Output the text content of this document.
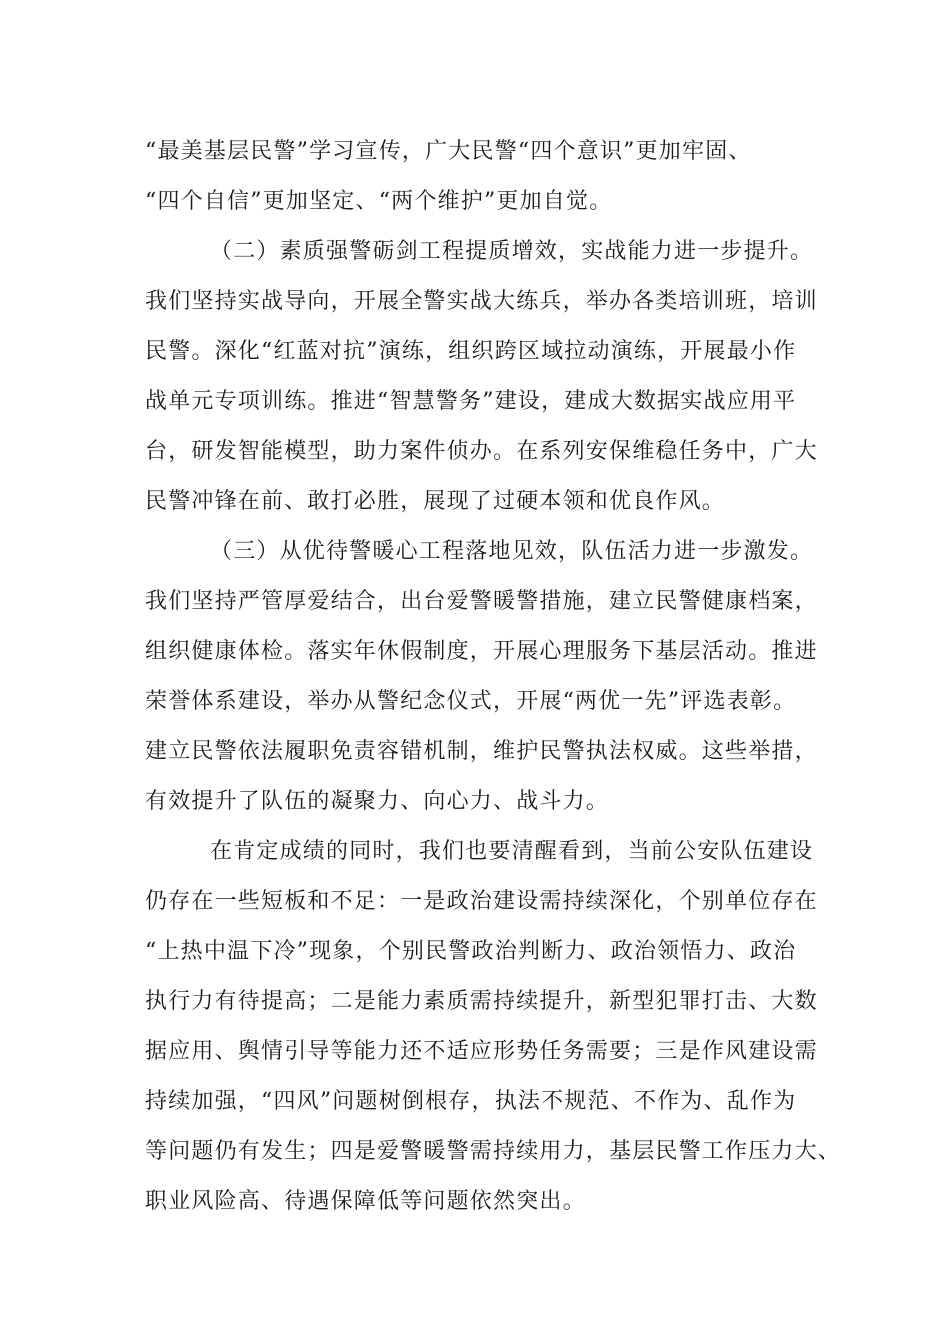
“最美基层民警”学习宣传，广大民警“四个意识”更加牢固、
“四个自信”更加坚定、“两个维护”更加自觉。
（二）素质强警砺剑工程提质增效，实战能力进一步提升。
我们坚持实战导向，开展全警实战大练兵，举办各类培训班，培训
民警。深化“红蓝对抗”演练，组织跨区域拉动演练，开展最小作
战单元专项训练。推进“智慧警务”建设，建成大数据实战应用平
台，研发智能模型，助力案件侦办。在系列安保维稳任务中，广大
民警冲锋在前、敢打必胜，展现了过硬本领和优良作风。
（三）从优待警暖心工程落地见效，队伍活力进一步激发。
我们坚持严管厚爱结合，出台爱警暖警措施，建立民警健康档案，
组织健康体检。落实年休假制度，开展心理服务下基层活动。推进
荣誉体系建设，举办从警纪念仪式，开展“两优一先”评选表彰。
建立民警依法履职免责容错机制，维护民警执法权威。这些举措，
有效提升了队伍的凝聚力、向心力、战斗力。
在肯定成绩的同时，我们也要清醒看到，当前公安队伍建设
仍存在一些短板和不足：一是政治建设需持续深化，个别单位存在
“上热中温下冷”现象，个别民警政治判断力、政治领悟力、政治
执行力有待提高；二是能力素质需持续提升，新型犯罪打击、大数
据应用、舆情引导等能力还不适应形势任务需要；三是作风建设需
持续加强，“四风”问题树倒根存，执法不规范、不作为、乱作为
等问题仍有发生；四是爱警暖警需持续用力，基层民警工作压力大、
职业风险高、待遇保障低等问题依然突出。
